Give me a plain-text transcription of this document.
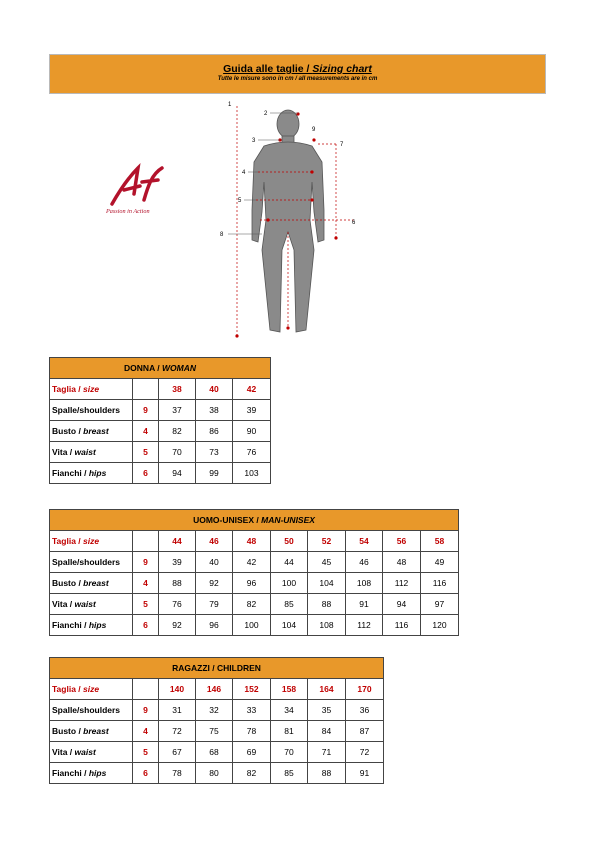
Guida alle taglie / Sizing chart
Tutte le misure sono in cm / all measurements are in cm
Passion in Action
1
2
3
4
5
6
7
8
9
DONNA / WOMAN				
Taglia / size		38	40	42
Spalle/shoulders	9	37	38	39
Busto / breast	4	82	86	90
Vita / waist	5	70	73	76
Fianchi / hips	6	94	99	103
UOMO-UNISEX / MAN-UNISEX									
Taglia / size		44	46	48	50	52	54	56	58
Spalle/shoulders	9	39	40	42	44	45	46	48	49
Busto / breast	4	88	92	96	100	104	108	112	116
Vita / waist	5	76	79	82	85	88	91	94	97
Fianchi / hips	6	92	96	100	104	108	112	116	120
RAGAZZI / CHILDREN							
Taglia / size		140	146	152	158	164	170
Spalle/shoulders	9	31	32	33	34	35	36
Busto / breast	4	72	75	78	81	84	87
Vita / waist	5	67	68	69	70	71	72
Fianchi / hips	6	78	80	82	85	88	91
